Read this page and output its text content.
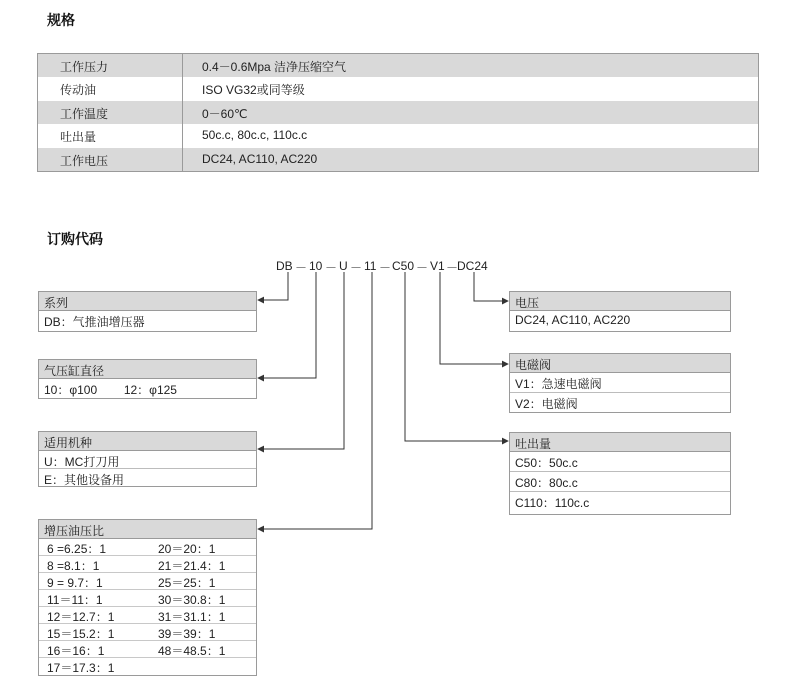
规格
工作压力	0.4－0.6Mpa 洁净压缩空气
传动油	ISO VG32或同等级
工作温度	0－60℃
吐出量	50c.c, 80c.c, 110c.c
工作电压	DC24, AC110, AC220
订购代码
DB － 10 － U － 11 － C50 － V1 －
DC24
系列
DB：气推油增压器
气压缸直径
10：φ100        12：φ125
适用机种
U：MC打刀用
E：其他设备用
增压油压比
6 =6.25：1	20＝20：1
8 =8.1：1	21＝21.4：1
9 = 9.7：1	25＝25：1
11＝11：1	30＝30.8：1
12＝12.7：1	31＝31.1：1
15＝15.2：1	39＝39：1
16＝16：1	48＝48.5：1
17＝17.3：1
电压
DC24, AC110, AC220
电磁阀
V1：急速电磁阀
V2：电磁阀
吐出量
C50：50c.c
C80：80c.c
C110：110c.c
